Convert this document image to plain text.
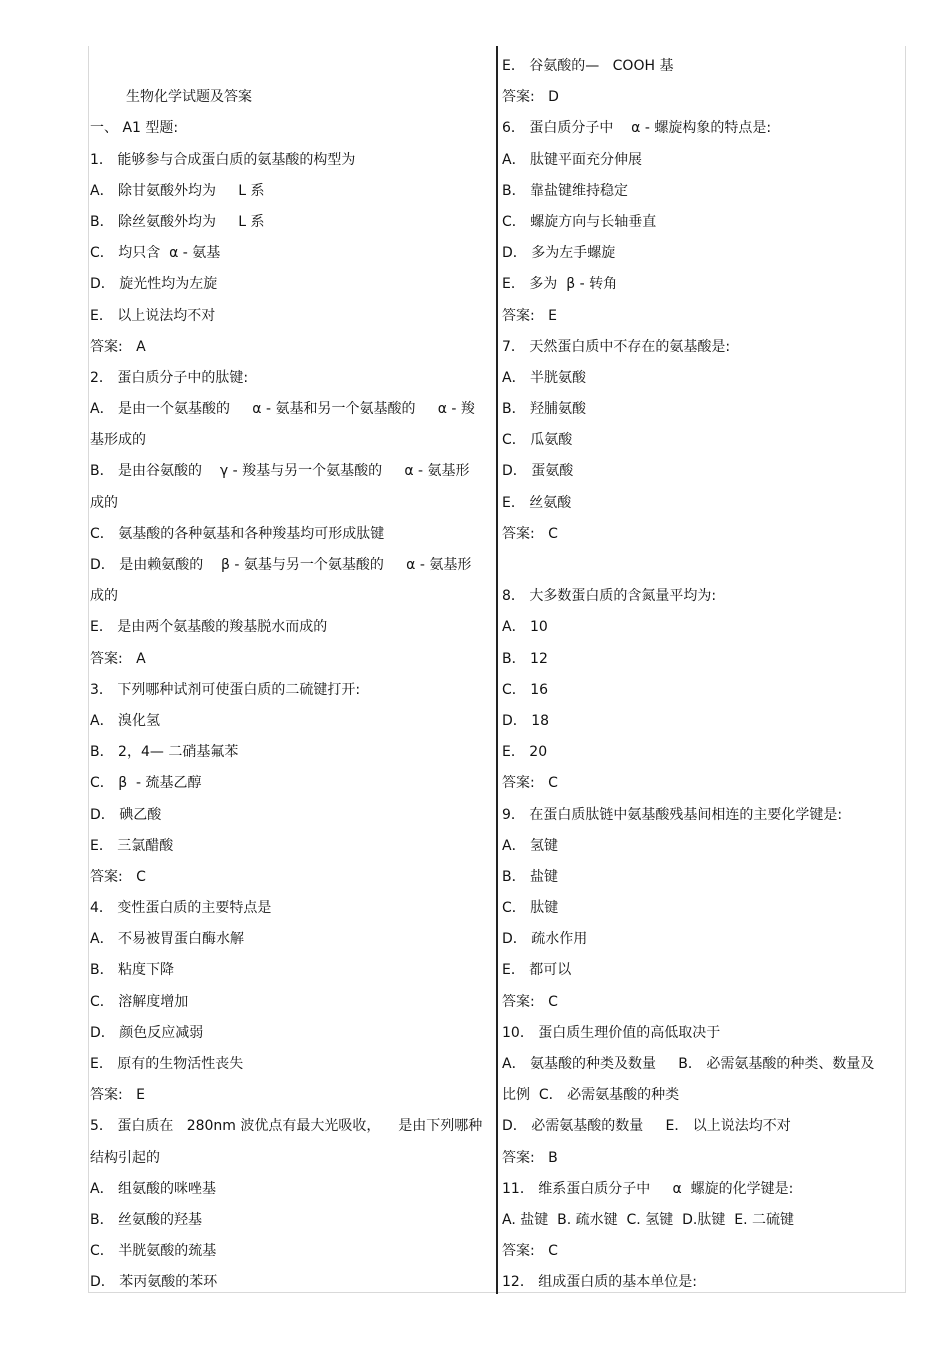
生物化学试题及答案
一、 A1 型题:
1． 能够参与合成蛋白质的氨基酸的构型为
A． 除甘氨酸外均为     L 系
B． 除丝氨酸外均为     L 系
C． 均只含  α - 氨基
D． 旋光性均为左旋
E． 以上说法均不对
答案:   A
2． 蛋白质分子中的肽键:
A． 是由一个氨基酸的     α - 氨基和另一个氨基酸的     α - 羧
基形成的
B． 是由谷氨酸的    γ - 羧基与另一个氨基酸的     α - 氨基形
成的
C． 氨基酸的各种氨基和各种羧基均可形成肽键
D． 是由赖氨酸的    β - 氨基与另一个氨基酸的     α - 氨基形
成的
E． 是由两个氨基酸的羧基脱水而成的
答案:   A
3． 下列哪种试剂可使蛋白质的二硫键打开:
A． 溴化氢
B． 2，4— 二硝基氟苯
C． β  - 巯基乙醇
D． 碘乙酸
E． 三氯醋酸
答案:   C
4． 变性蛋白质的主要特点是
A． 不易被胃蛋白酶水解
B． 粘度下降
C． 溶解度增加
D． 颜色反应减弱
E． 原有的生物活性丧失
答案:   E
5． 蛋白质在   280nm 波优点有最大光吸收，    是由下列哪种
结构引起的
A． 组氨酸的咪唑基
B． 丝氨酸的羟基
C． 半胱氨酸的巯基
D． 苯丙氨酸的苯环
E． 谷氨酸的—   COOH 基
答案:   D
6． 蛋白质分子中    α - 螺旋构象的特点是:
A． 肽键平面充分伸展
B． 靠盐键维持稳定
C． 螺旋方向与长轴垂直
D． 多为左手螺旋
E． 多为  β - 转角
答案:   E
7． 天然蛋白质中不存在的氨基酸是:
A． 半胱氨酸
B． 羟脯氨酸
C． 瓜氨酸
D． 蛋氨酸
E． 丝氨酸
答案:   C
8． 大多数蛋白质的含氮量平均为:
A． 10
B． 12
C． 16
D． 18
E． 20
答案:   C
9． 在蛋白质肽链中氨基酸残基间相连的主要化学键是:
A． 氢键
B． 盐键
C． 肽键
D． 疏水作用
E． 都可以
答案:   C
10． 蛋白质生理价值的高低取决于
A． 氨基酸的种类及数量     B． 必需氨基酸的种类、数量及
比例  C． 必需氨基酸的种类
D． 必需氨基酸的数量     E． 以上说法均不对
答案:   B
11． 维系蛋白质分子中     α  螺旋的化学键是:
A. 盐键  B. 疏水键  C. 氢键  D.肽键  E. 二硫键
答案:   C
12． 组成蛋白质的基本单位是:
